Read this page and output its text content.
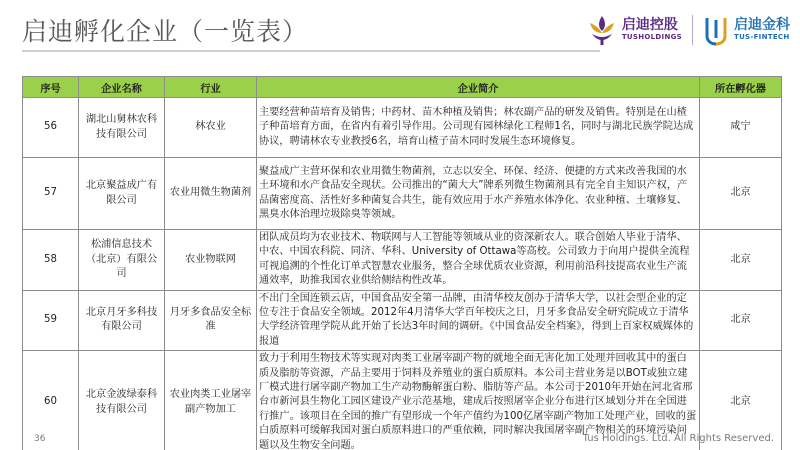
启迪孵化企业（一览表）	启迪控股
TUSHOLDINGS
启迪金科
TUS-FINTECH
序号	企业名称	行业	企业简介	所在孵化器
56	湖北山舅林农科技有限公司	林农业	主要经营种苗培育及销售；中药材、苗木种植及销售；林农副产品的研发及销售。特别是在山楂子种苗培育方面，在省内有着引导作用。公司现有园林绿化工程师1名，同时与湖北民族学院达成协议，聘请林农专业教授6名，培育山楂子苗木同时发展生态环境修复。	咸宁
57	北京聚益成广有限公司	农业用微生物菌剂	聚益成广主营环保和农业用微生物菌剂，立志以安全、环保、经济、便捷的方式来改善我国的水土环境和水产食品安全现状。公司推出的“菌大大”牌系列微生物菌剂具有完全自主知识产权，产品菌密度高、活性好多种菌复合共生，能有效应用于水产养殖水体净化、农业种植、土壤修复、黑臭水体治理垃圾除臭等领域。	北京
58	松浦信息技术（北京）有限公司	农业物联网	团队成员均为农业技术、物联网与人工智能等领域从业的资深新农人。联合创始人毕业于清华、中农、中国农科院、同济、华科、University of Ottawa等高校。公司致力于向用户提供全流程可视追溯的个性化订单式智慧农业服务，整合全球优质农业资源，利用前沿科技提高农业生产流通效率，助推我国农业供给侧结构性改革。	北京
59	北京月牙多科技有限公司	月牙多食品安全标准	不出门全国连锁云店，中国食品安全第一品牌，由清华校友创办于清华大学，以社会型企业的定位专注于食品安全领域。2012年4月清华大学百年校庆之日，月牙多食品安全研究院成立于清华大学经济管理学院从此开始了长达3年时间的调研。《中国食品安全档案》，得到上百家权威媒体的报道	北京
60	北京金波绿泰科技有限公司	农业肉类工业屠宰副产物加工	致力于利用生物技术等实现对肉类工业屠宰副产物的就地全面无害化加工处理并回收其中的蛋白质及脂肪等资源，产品主要用于饲料及养殖业的蛋白质原料。本公司主营业务是以BOT或独立建厂模式进行屠宰副产物加工生产动物酶解蛋白粉、脂肪等产品。本公司于2010年开始在河北省邢台市新河县生物化工园区建设产业示范基地，建成后按照屠宰企业分布进行区域划分并在全国进行推广。该项目在全国的推广有望形成一个年产值约为100亿屠宰副产物加工处理产业，回收的蛋白质原料可缓解我国对蛋白质原料进口的严重依赖，同时解决我国屠宰副产物相关的环境污染问题以及生物安全问题。	北京
36	Tus Holdings. Ltd. All Rights Reserved.
